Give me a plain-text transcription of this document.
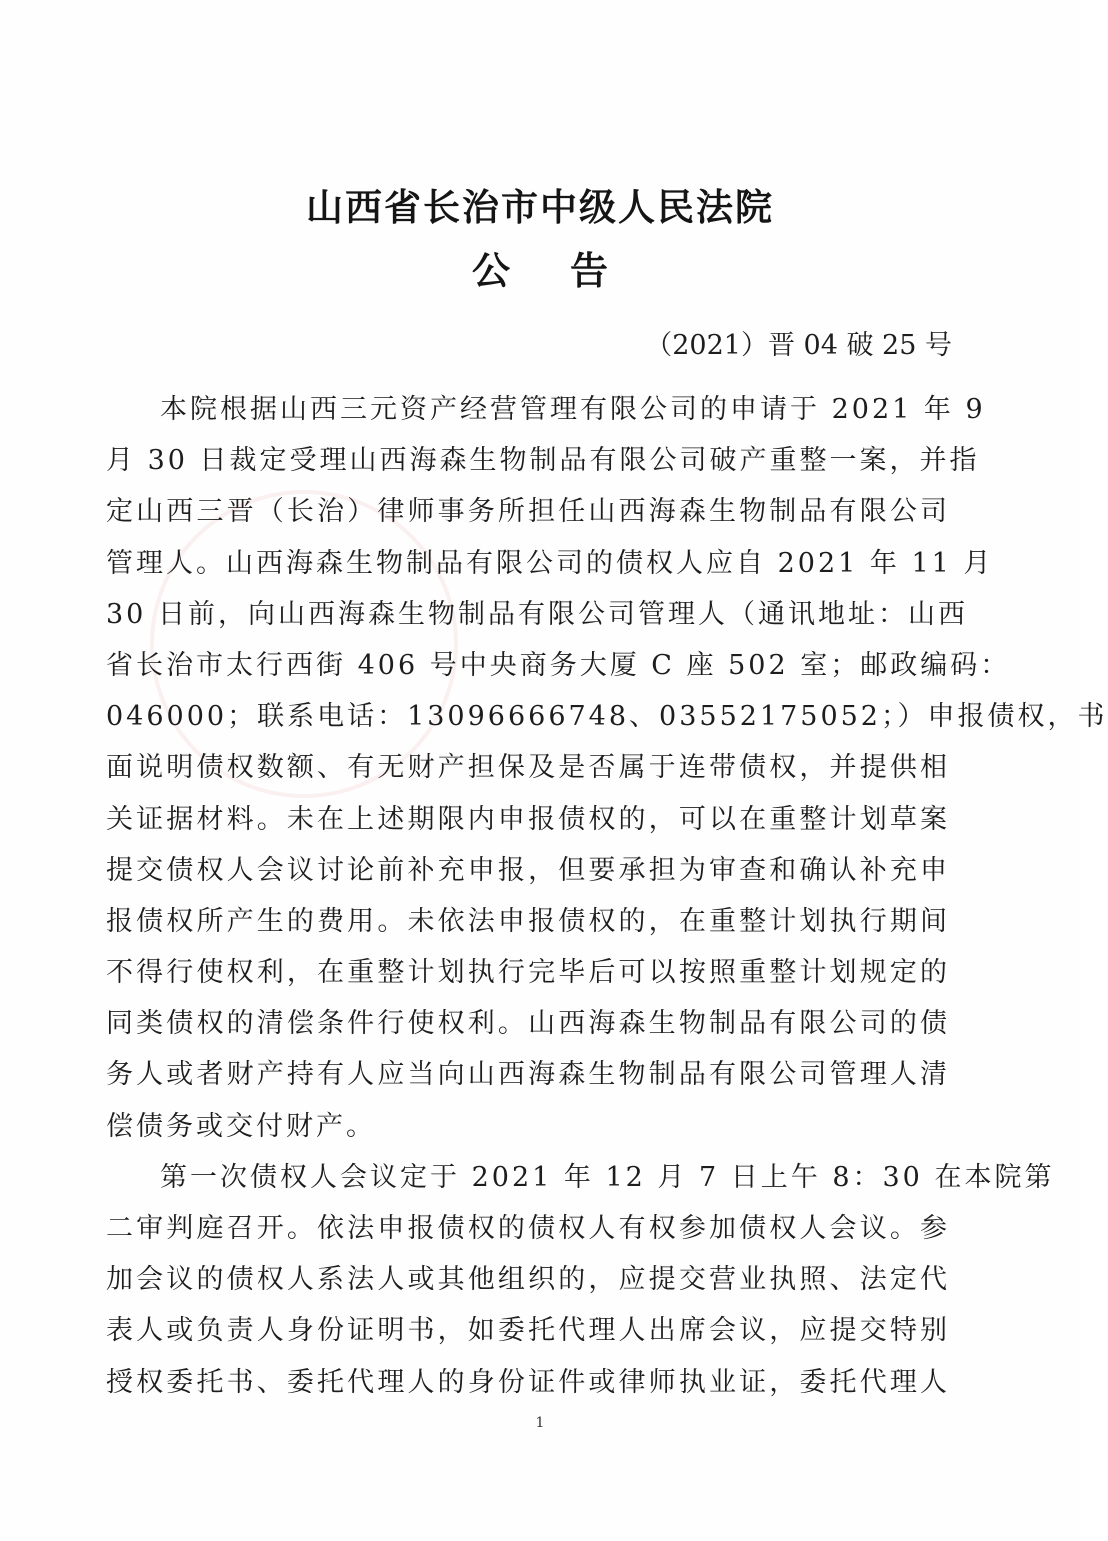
山西省长治市中级人民法院
公告
（2021）晋 04 破 25 号
本院根据山西三元资产经营管理有限公司的申请于 2021 年 9
月 30 日裁定受理山西海森生物制品有限公司破产重整一案，并指
定山西三晋（长治）律师事务所担任山西海森生物制品有限公司
管理人。山西海森生物制品有限公司的债权人应自 2021 年 11 月
30 日前，向山西海森生物制品有限公司管理人（通讯地址：山西
省长治市太行西街 406 号中央商务大厦 C 座 502 室；邮政编码：
046000；联系电话：13096666748、03552175052；）申报债权，书
面说明债权数额、有无财产担保及是否属于连带债权，并提供相
关证据材料。未在上述期限内申报债权的，可以在重整计划草案
提交债权人会议讨论前补充申报，但要承担为审查和确认补充申
报债权所产生的费用。未依法申报债权的，在重整计划执行期间
不得行使权利，在重整计划执行完毕后可以按照重整计划规定的
同类债权的清偿条件行使权利。山西海森生物制品有限公司的债
务人或者财产持有人应当向山西海森生物制品有限公司管理人清
偿债务或交付财产。
第一次债权人会议定于 2021 年 12 月 7 日上午 8：30 在本院第
二审判庭召开。依法申报债权的债权人有权参加债权人会议。参
加会议的债权人系法人或其他组织的，应提交营业执照、法定代
表人或负责人身份证明书，如委托代理人出席会议，应提交特别
授权委托书、委托代理人的身份证件或律师执业证，委托代理人
1
